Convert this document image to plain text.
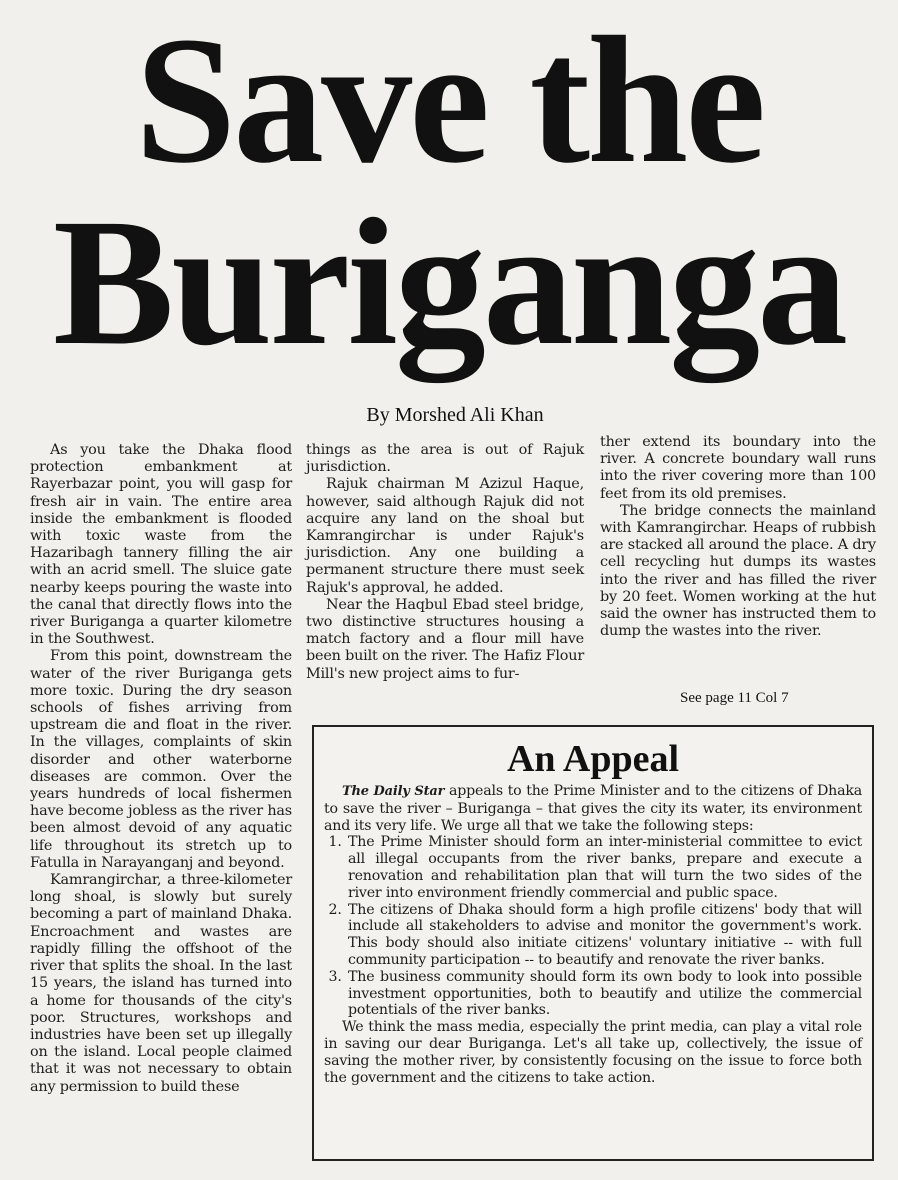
Save the
Buriganga
By Morshed Ali Khan

As you take the Dhaka flood protection embankment at Rayerbazar point, you will gasp for fresh air in vain. The entire area inside the embankment is flooded with toxic waste from the Hazaribagh tannery filling the air with an acrid smell. The sluice gate nearby keeps pouring the waste into the canal that directly flows into the river Buriganga a quarter kilometre in the Southwest.

From this point, downstream the water of the river Buriganga gets more toxic. During the dry season schools of fishes arriving from upstream die and float in the river. In the villages, complaints of skin disorder and other waterborne diseases are common. Over the years hundreds of local fishermen have become jobless as the river has been almost devoid of any aquatic life throughout its stretch up to Fatulla in Narayanganj and beyond.

Kamrangirchar, a three-kilometer long shoal, is slowly but surely becoming a part of mainland Dhaka. Encroachment and wastes are rapidly filling the offshoot of the river that splits the shoal. In the last 15 years, the island has turned into a home for thousands of the city's poor. Structures, workshops and industries have been set up illegally on the island. Local people claimed that it was not necessary to obtain any permission to build these

things as the area is out of Rajuk jurisdiction.

Rajuk chairman M Azizul Haque, however, said although Rajuk did not acquire any land on the shoal but Kamrangirchar is under Rajuk's jurisdiction. Any one building a permanent structure there must seek Rajuk's approval, he added.

Near the Haqbul Ebad steel bridge, two distinctive structures housing a match factory and a flour mill have been built on the river. The Hafiz Flour Mill's new project aims to fur-

ther extend its boundary into the river. A concrete boundary wall runs into the river covering more than 100 feet from its old premises.

The bridge connects the mainland with Kamrangirchar. Heaps of rubbish are stacked all around the place. A dry cell recycling hut dumps its wastes into the river and has filled the river by 20 feet. Women working at the hut said the owner has instructed them to dump the wastes into the river.

See page 11 Col 7
An Appeal

The Daily Star appeals to the Prime Minister and to the citizens of Dhaka to save the river – Buriganga – that gives the city its water, its environment and its very life. We urge all that we take the following steps:

1. The Prime Minister should form an inter-ministerial committee to evict all illegal occupants from the river banks, prepare and execute a renovation and rehabilitation plan that will turn the two sides of the river into environment friendly commercial and public space.
2. The citizens of Dhaka should form a high profile citizens' body that will include all stakeholders to advise and monitor the government's work. This body should also initiate citizens' voluntary initiative -- with full community participation -- to beautify and renovate the river banks.
3. The business community should form its own body to look into possible investment opportunities, both to beautify and utilize the commercial potentials of the river banks.

We think the mass media, especially the print media, can play a vital role in saving our dear Buriganga. Let's all take up, collectively, the issue of saving the mother river, by consistently focusing on the issue to force both the government and the citizens to take action.
